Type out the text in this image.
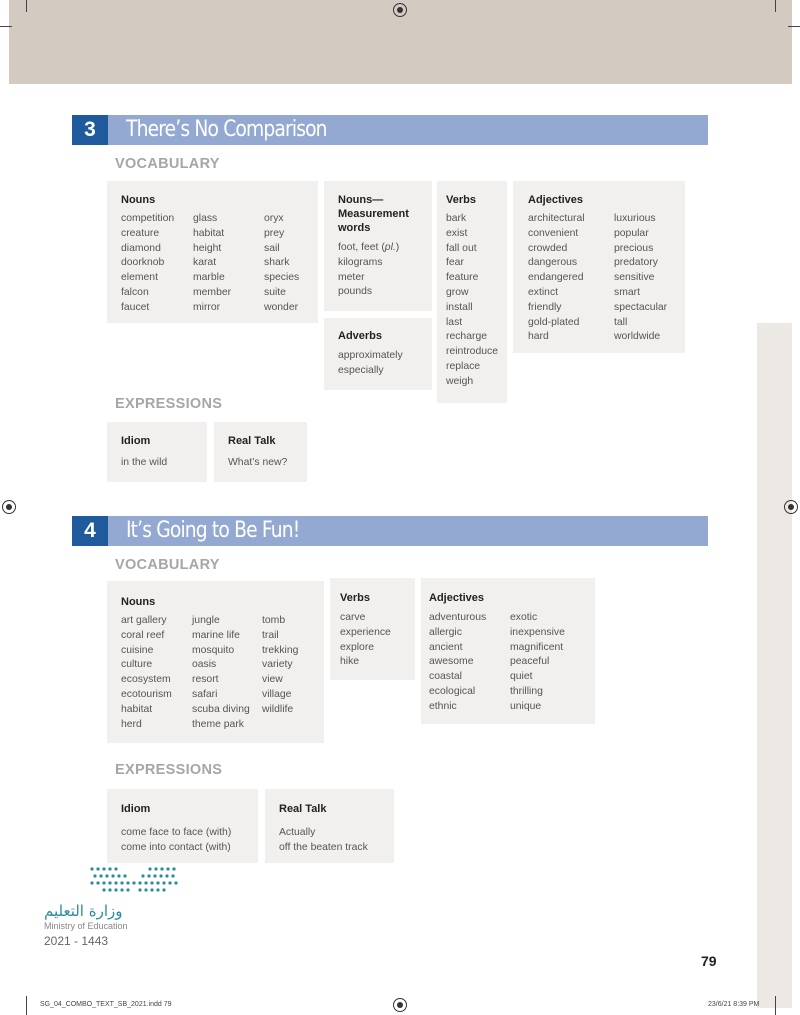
3	There’s No Comparison
VOCABULARY
Nouns
competition
creature
diamond
doorknob
element
falcon
faucet
glass
habitat
height
karat
marble
member
mirror
oryx
prey
sail
shark
species
suite
wonder
Nouns—
Measurement
words
foot, feet (pl.)
kilograms
meter
pounds
Adverbs
approximately
especially
Verbs
bark
exist
fall out
fear
feature
grow
install
last
recharge
reintroduce
replace
weigh
Adjectives
architectural
convenient
crowded
dangerous
endangered
extinct
friendly
gold-plated
hard
luxurious
popular
precious
predatory
sensitive
smart
spectacular
tall
worldwide
EXPRESSIONS
Idiom
in the wild
Real Talk
What’s new?
4	It’s Going to Be Fun!
VOCABULARY
Nouns
art gallery
coral reef
cuisine
culture
ecosystem
ecotourism
habitat
herd
jungle
marine life
mosquito
oasis
resort
safari
scuba diving
theme park
tomb
trail
trekking
variety
view
village
wildlife
Verbs
carve
experience
explore
hike
Adjectives
adventurous
allergic
ancient
awesome
coastal
ecological
ethnic
exotic
inexpensive
magnificent
peaceful
quiet
thrilling
unique
EXPRESSIONS
Idiom
come face to face (with)
come into contact (with)
Real Talk
Actually
off the beaten track
وزارة التعليم
Ministry of Education
2021 - 1443
79
SG_04_COMBO_TEXT_SB_2021.indd 79	23/6/21 8:39 PM
